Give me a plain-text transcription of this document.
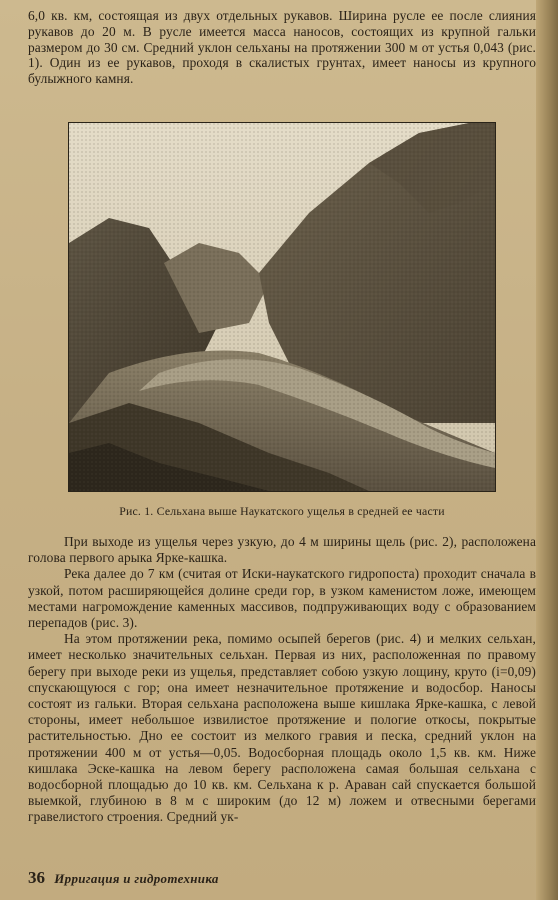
6,0 кв. км, состоящая из двух отдельных рукавов. Ширина русле ее после слияния рукавов до 20 м. В русле имеется масса наносов, состоящих из крупной гальки размером до 30 см. Средний уклон сельханы на протяжении 300 м от устья 0,043 (рис. 1). Один из ее рукавов, проходя в скалистых грунтах, имеет наносы из крупного булыжного камня.

Рис. 1. Сельхана выше Наукатского ущелья в средней ее части

При выходе из ущелья через узкую, до 4 м ширины щель (рис. 2), расположена голова первого арыка Ярке-кашка.

Река далее до 7 км (считая от Иски-наукатского гидропоста) проходит сначала в узкой, потом расширяющейся долине среди гор, в узком каменистом ложе, имеющем местами нагромождение каменных массивов, подпруживающих воду с образованием перепадов (рис. 3).

На этом протяжении река, помимо осыпей берегов (рис. 4) и мелких сельхан, имеет несколько значительных сельхан. Первая из них, расположенная по правому берегу при выходе реки из ущелья, представляет собою узкую лощину, круто (i=0,09) спускающуюся с гор; она имеет незначительное протяжение и водосбор. Наносы состоят из гальки. Вторая сельхана расположена выше кишлака Ярке-кашка, с левой стороны, имеет небольшое извилистое протяжение и пологие откосы, покрытые растительностью. Дно ее состоит из мелкого гравия и песка, средний уклон на протяжении 400 м от устья—0,05. Водосборная площадь около 1,5 кв. км. Ниже кишлака Эске-кашка на левом берегу расположена самая большая сельхана с водосборной площадью до 10 кв. км. Сельхана к р. Араван сай спускается большой выемкой, глубиною в 8 м с широким (до 12 м) ложем и отвесными берегами гравелистого строения. Средний ук-

36 Ирригация и гидротехника
